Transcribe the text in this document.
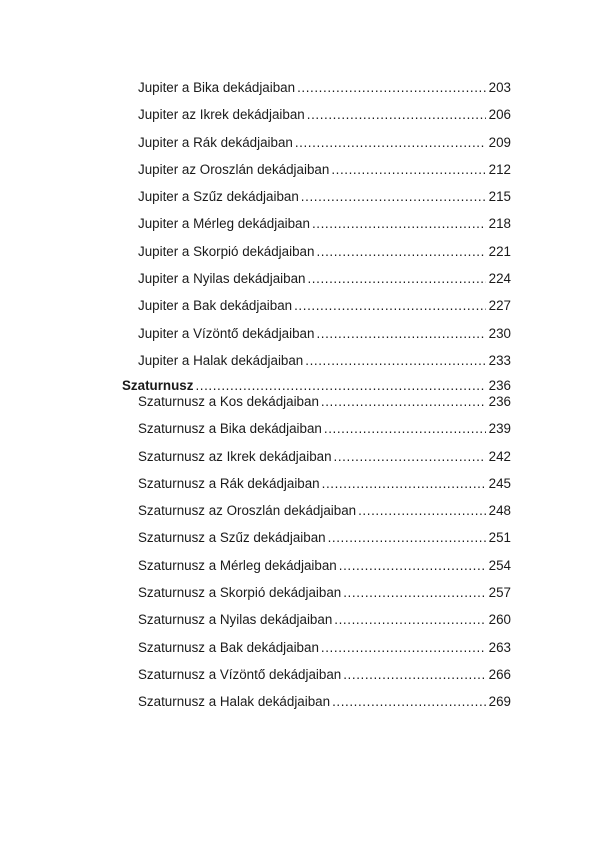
Jupiter a Bika dekádjaiban .....	203
Jupiter az Ikrek dekádjaiban .....	206
Jupiter a Rák dekádjaiban .....	209
Jupiter az Oroszlán dekádjaiban .....	212
Jupiter a Szűz dekádjaiban .....	215
Jupiter a Mérleg dekádjaiban .....	218
Jupiter a Skorpió dekádjaiban .....	221
Jupiter a Nyilas dekádjaiban .....	224
Jupiter a Bak dekádjaiban .....	227
Jupiter a Vízöntő dekádjaiban .....	230
Jupiter a Halak dekádjaiban .....	233
Szaturnusz .....	236
Szaturnusz a Kos dekádjaiban .....	236
Szaturnusz a Bika dekádjaiban .....	239
Szaturnusz az Ikrek dekádjaiban .....	242
Szaturnusz a Rák dekádjaiban .....	245
Szaturnusz az Oroszlán dekádjaiban .....	248
Szaturnusz a Szűz dekádjaiban .....	251
Szaturnusz a Mérleg dekádjaiban .....	254
Szaturnusz a Skorpió dekádjaiban .....	257
Szaturnusz a Nyilas dekádjaiban .....	260
Szaturnusz a Bak dekádjaiban .....	263
Szaturnusz a Vízöntő dekádjaiban .....	266
Szaturnusz a Halak dekádjaiban .....	269
